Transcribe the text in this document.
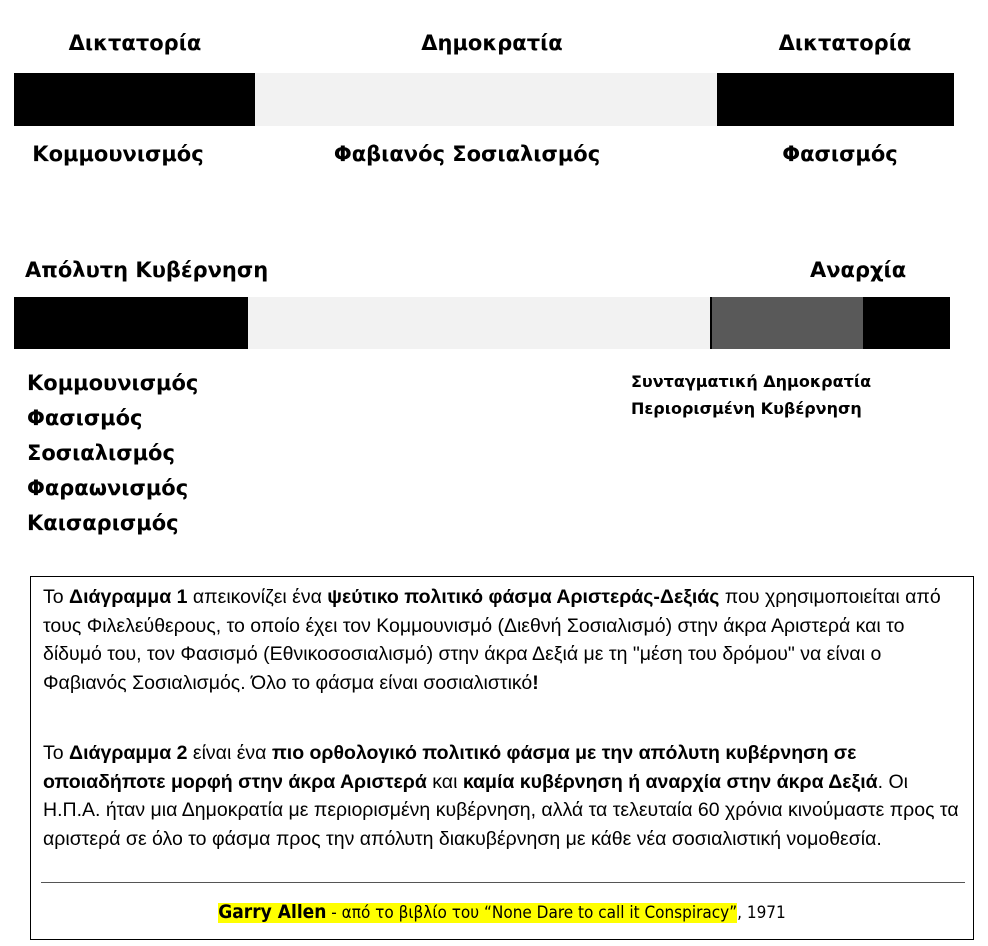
Δικτατορία	Δημοκρατία	Δικτατορία
Κομμουνισμός	Φαβιανός Σοσιαλισμός	Φασισμός
Απόλυτη Κυβέρνηση	Αναρχία
Κομμουνισμός
Φασισμός
Σοσιαλισμός
Φαραωνισμός
Καισαρισμός
Συνταγματική Δημοκρατία
Περιορισμένη Κυβέρνηση
Το Διάγραμμα 1 απεικονίζει ένα ψεύτικο πολιτικό φάσμα Αριστεράς-Δεξιάς που χρησιμοποιείται από τους Φιλελεύθερους, το οποίο έχει τον Κομμουνισμό (Διεθνή Σοσιαλισμό) στην άκρα Αριστερά και το δίδυμό του, τον Φασισμό (Εθνικοσοσιαλισμό) στην άκρα Δεξιά με τη "μέση του δρόμου" να είναι ο Φαβιανός Σοσιαλισμός. Όλο το φάσμα είναι σοσιαλιστικό!
Το Διάγραμμα 2 είναι ένα πιο ορθολογικό πολιτικό φάσμα με την απόλυτη κυβέρνηση σε οποιαδήποτε μορφή στην άκρα Αριστερά και καμία κυβέρνηση ή αναρχία στην άκρα Δεξιά. Οι Η.Π.Α. ήταν μια Δημοκρατία με περιορισμένη κυβέρνηση, αλλά τα τελευταία 60 χρόνια κινούμαστε προς τα αριστερά σε όλο το φάσμα προς την απόλυτη διακυβέρνηση με κάθε νέα σοσιαλιστική νομοθεσία.
Garry Allen - από το βιβλίο του “None Dare to call it Conspiracy”, 1971
